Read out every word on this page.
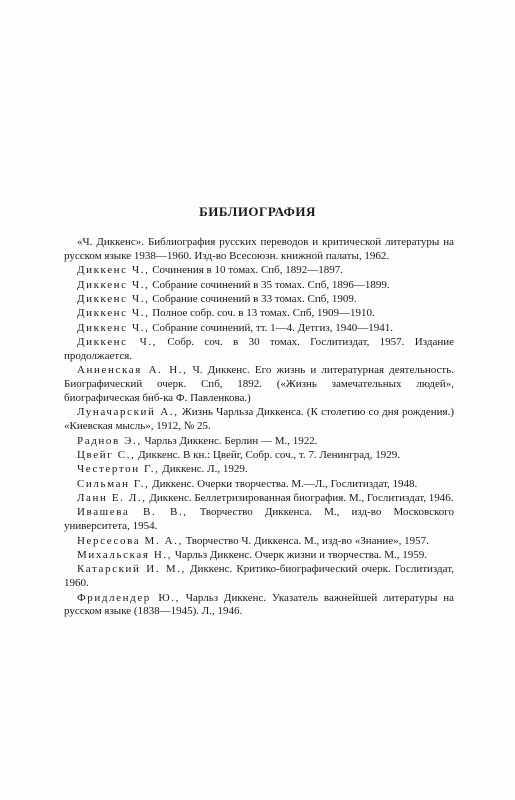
БИБЛИОГРАФИЯ

«Ч. Диккенс». Библиография русских переводов и критической литературы на русском языке 1938—1960. Изд-во Всесоюзн. книжной палаты, 1962.

Диккенс Ч., Сочинения в 10 томах. Спб, 1892—1897.

Диккенс Ч., Собрание сочинений в 35 томах. Спб, 1896—1899.

Диккенс Ч., Собрание сочинений в 33 томах. Спб, 1909.

Диккенс Ч., Полное собр. соч. в 13 томах. Спб, 1909—1910.

Диккенс Ч., Собрание сочинений, тт. 1—4. Детгиз, 1940—1941.

Диккенс Ч., Собр. соч. в 30 томах. Гослитиздат, 1957. Издание продолжается.

Анненская А. Н., Ч. Диккенс. Его жизнь и литературная деятельность. Биографический очерк. Спб, 1892. («Жизнь замечательных людей», биографическая биб-ка Ф. Павленкова.)

Луначарский А., Жизнь Чарльза Диккенса. (К столетию со дня рождения.) «Киевская мысль», 1912, № 25.

Раднов Э., Чарльз Диккенс. Берлин — М., 1922.

Цвейг С., Диккенс. В кн.: Цвейг, Собр. соч., т. 7. Ленинград, 1929.

Честертон Г., Диккенс. Л., 1929.

Сильман Г., Диккенс. Очерки творчества. М.—Л., Гослитиздат, 1948.

Ланн Е. Л., Диккенс. Беллетризированная биография. М., Гослитиздат, 1946.

Ивашева В. В., Творчество Диккенса. М., изд-во Московского университета, 1954.

Нерсесова М. А., Творчество Ч. Диккенса. М., изд-во «Знание», 1957.

Михальская Н., Чарльз Диккенс. Очерк жизни и творчества. М., 1959.

Катарский И. М., Диккенс. Критико-биографический очерк. Гослитиздат, 1960.

Фридлендер Ю., Чарльз Диккенс. Указатель важнейшей литературы на русском языке (1838—1945). Л., 1946.
